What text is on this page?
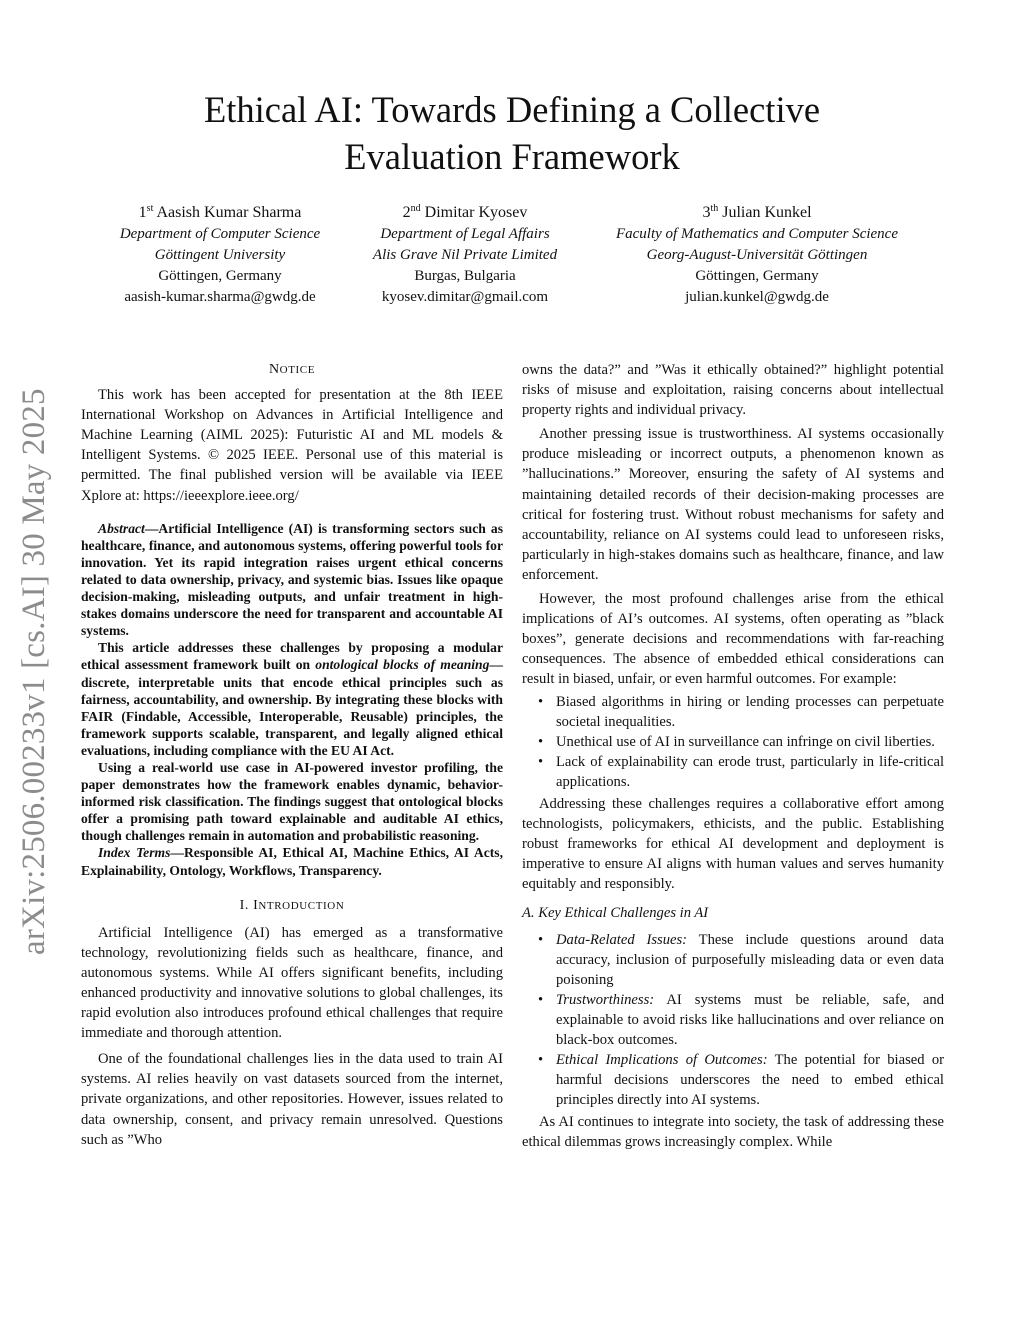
arXiv:2506.00233v1 [cs.AI] 30 May 2025
Ethical AI: Towards Defining a Collective
Evaluation Framework
1st Aasish Kumar Sharma
Department of Computer Science
Göttingent University
Göttingen, Germany
aasish-kumar.sharma@gwdg.de
2nd Dimitar Kyosev
Department of Legal Affairs
Alis Grave Nil Private Limited
Burgas, Bulgaria
kyosev.dimitar@gmail.com
3th Julian Kunkel
Faculty of Mathematics and Computer Science
Georg-August-Universität Göttingen
Göttingen, Germany
julian.kunkel@gwdg.de

NOTICE

This work has been accepted for presentation at the 8th IEEE International Workshop on Advances in Artificial Intelligence and Machine Learning (AIML 2025): Futuristic AI and ML models & Intelligent Systems. © 2025 IEEE. Personal use of this material is permitted. The final published version will be available via IEEE Xplore at: https://ieeexplore.ieee.org/

Abstract—Artificial Intelligence (AI) is transforming sectors such as healthcare, finance, and autonomous systems, offering powerful tools for innovation. Yet its rapid integration raises urgent ethical concerns related to data ownership, privacy, and systemic bias. Issues like opaque decision-making, misleading outputs, and unfair treatment in high-stakes domains underscore the need for transparent and accountable AI systems.

This article addresses these challenges by proposing a modular ethical assessment framework built on ontological blocks of meaning—discrete, interpretable units that encode ethical principles such as fairness, accountability, and ownership. By integrating these blocks with FAIR (Findable, Accessible, Interoperable, Reusable) principles, the framework supports scalable, transparent, and legally aligned ethical evaluations, including compliance with the EU AI Act.

Using a real-world use case in AI-powered investor profiling, the paper demonstrates how the framework enables dynamic, behavior-informed risk classification. The findings suggest that ontological blocks offer a promising path toward explainable and auditable AI ethics, though challenges remain in automation and probabilistic reasoning.

Index Terms—Responsible AI, Ethical AI, Machine Ethics, AI Acts, Explainability, Ontology, Workflows, Transparency.

I. INTRODUCTION

Artificial Intelligence (AI) has emerged as a transformative technology, revolutionizing fields such as healthcare, finance, and autonomous systems. While AI offers significant benefits, including enhanced productivity and innovative solutions to global challenges, its rapid evolution also introduces profound ethical challenges that require immediate and thorough attention.

One of the foundational challenges lies in the data used to train AI systems. AI relies heavily on vast datasets sourced from the internet, private organizations, and other repositories. However, issues related to data ownership, consent, and privacy remain unresolved. Questions such as ”Who

owns the data?” and ”Was it ethically obtained?” highlight potential risks of misuse and exploitation, raising concerns about intellectual property rights and individual privacy.

Another pressing issue is trustworthiness. AI systems occasionally produce misleading or incorrect outputs, a phenomenon known as ”hallucinations.” Moreover, ensuring the safety of AI systems and maintaining detailed records of their decision-making processes are critical for fostering trust. Without robust mechanisms for safety and accountability, reliance on AI systems could lead to unforeseen risks, particularly in high-stakes domains such as healthcare, finance, and law enforcement.

However, the most profound challenges arise from the ethical implications of AI’s outcomes. AI systems, often operating as ”black boxes”, generate decisions and recommendations with far-reaching consequences. The absence of embedded ethical considerations can result in biased, unfair, or even harmful outcomes. For example:

• Biased algorithms in hiring or lending processes can perpetuate societal inequalities.
• Unethical use of AI in surveillance can infringe on civil liberties.
• Lack of explainability can erode trust, particularly in life-critical applications.

Addressing these challenges requires a collaborative effort among technologists, policymakers, ethicists, and the public. Establishing robust frameworks for ethical AI development and deployment is imperative to ensure AI aligns with human values and serves humanity equitably and responsibly.

A. Key Ethical Challenges in AI

• Data-Related Issues: These include questions around data accuracy, inclusion of purposefully misleading data or even data poisoning
• Trustworthiness: AI systems must be reliable, safe, and explainable to avoid risks like hallucinations and over reliance on black-box outcomes.
• Ethical Implications of Outcomes: The potential for biased or harmful decisions underscores the need to embed ethical principles directly into AI systems.

As AI continues to integrate into society, the task of addressing these ethical dilemmas grows increasingly complex. While
